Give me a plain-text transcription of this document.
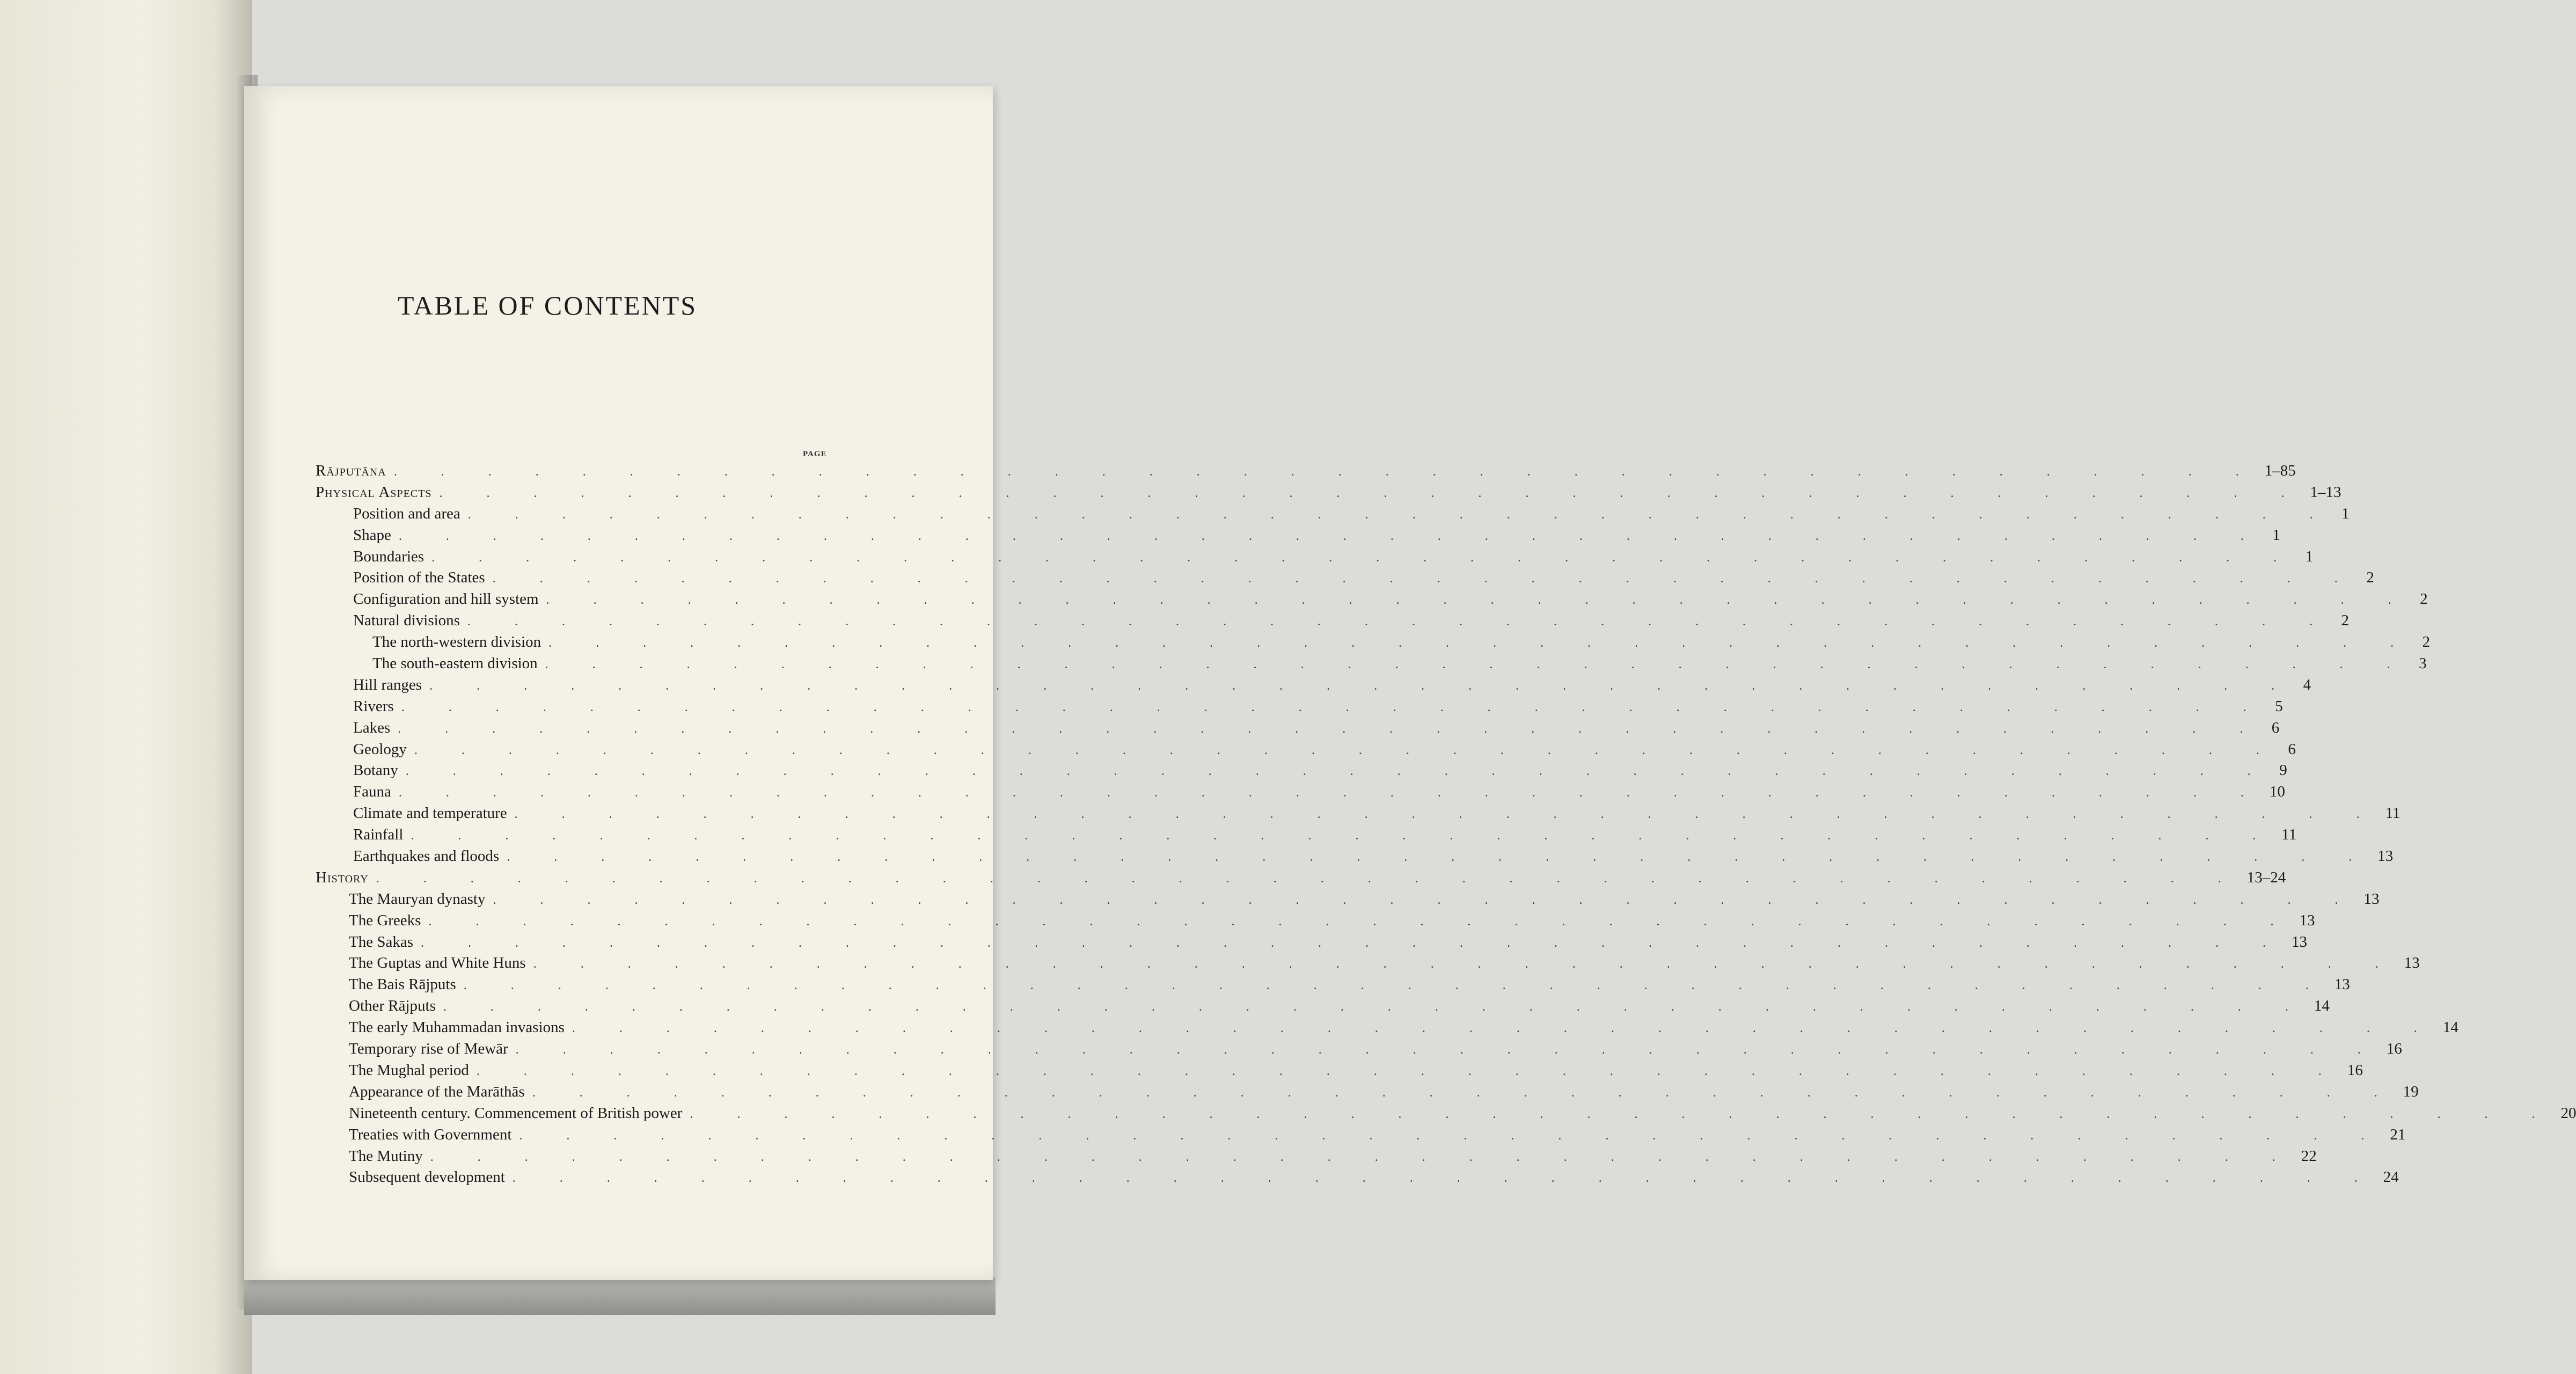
TABLE OF CONTENTS
PAGE
Rājputāna . . . . . . . . . . . . . . . . . . . . . . . . . . . . . . . . . . . . . . . . 1–85
Physical Aspects . . . . . . . . . . . . . . . . . . . . . . . . . . . . . . . . . . . . . . . . 1–13
Position and area . . . . . . . . . . . . . . . . . . . . . . . . . . . . . . . . . . . . . . . . 1
Shape . . . . . . . . . . . . . . . . . . . . . . . . . . . . . . . . . . . . . . . . 1
Boundaries . . . . . . . . . . . . . . . . . . . . . . . . . . . . . . . . . . . . . . . . 1
Position of the States . . . . . . . . . . . . . . . . . . . . . . . . . . . . . . . . . . . . . . . . 2
Configuration and hill system . . . . . . . . . . . . . . . . . . . . . . . . . . . . . . . . . . . . . . . . 2
Natural divisions . . . . . . . . . . . . . . . . . . . . . . . . . . . . . . . . . . . . . . . . 2
The north-western division . . . . . . . . . . . . . . . . . . . . . . . . . . . . . . . . . . . . . . . . 2
The south-eastern division . . . . . . . . . . . . . . . . . . . . . . . . . . . . . . . . . . . . . . . . 3
Hill ranges . . . . . . . . . . . . . . . . . . . . . . . . . . . . . . . . . . . . . . . . 4
Rivers . . . . . . . . . . . . . . . . . . . . . . . . . . . . . . . . . . . . . . . . 5
Lakes . . . . . . . . . . . . . . . . . . . . . . . . . . . . . . . . . . . . . . . . 6
Geology . . . . . . . . . . . . . . . . . . . . . . . . . . . . . . . . . . . . . . . . 6
Botany . . . . . . . . . . . . . . . . . . . . . . . . . . . . . . . . . . . . . . . . 9
Fauna . . . . . . . . . . . . . . . . . . . . . . . . . . . . . . . . . . . . . . . . 10
Climate and temperature . . . . . . . . . . . . . . . . . . . . . . . . . . . . . . . . . . . . . . . . 11
Rainfall . . . . . . . . . . . . . . . . . . . . . . . . . . . . . . . . . . . . . . . . 11
Earthquakes and floods . . . . . . . . . . . . . . . . . . . . . . . . . . . . . . . . . . . . . . . . 13
History . . . . . . . . . . . . . . . . . . . . . . . . . . . . . . . . . . . . . . . . 13–24
The Mauryan dynasty . . . . . . . . . . . . . . . . . . . . . . . . . . . . . . . . . . . . . . . . 13
The Greeks . . . . . . . . . . . . . . . . . . . . . . . . . . . . . . . . . . . . . . . . 13
The Sakas . . . . . . . . . . . . . . . . . . . . . . . . . . . . . . . . . . . . . . . . 13
The Guptas and White Huns . . . . . . . . . . . . . . . . . . . . . . . . . . . . . . . . . . . . . . . . 13
The Bais Rājputs . . . . . . . . . . . . . . . . . . . . . . . . . . . . . . . . . . . . . . . . 13
Other Rājputs . . . . . . . . . . . . . . . . . . . . . . . . . . . . . . . . . . . . . . . . 14
The early Muhammadan invasions . . . . . . . . . . . . . . . . . . . . . . . . . . . . . . . . . . . . . . . . 14
Temporary rise of Mewār . . . . . . . . . . . . . . . . . . . . . . . . . . . . . . . . . . . . . . . . 16
The Mughal period . . . . . . . . . . . . . . . . . . . . . . . . . . . . . . . . . . . . . . . . 16
Appearance of the Marāthās . . . . . . . . . . . . . . . . . . . . . . . . . . . . . . . . . . . . . . . . 19
Nineteenth century. Commencement of British power . . . . . . . . . . . . . . . . . . . . . . . . . . . . . . . . . . . . . . . . 20
Treaties with Government . . . . . . . . . . . . . . . . . . . . . . . . . . . . . . . . . . . . . . . . 21
The Mutiny . . . . . . . . . . . . . . . . . . . . . . . . . . . . . . . . . . . . . . . . 22
Subsequent development . . . . . . . . . . . . . . . . . . . . . . . . . . . . . . . . . . . . . . . . 24
